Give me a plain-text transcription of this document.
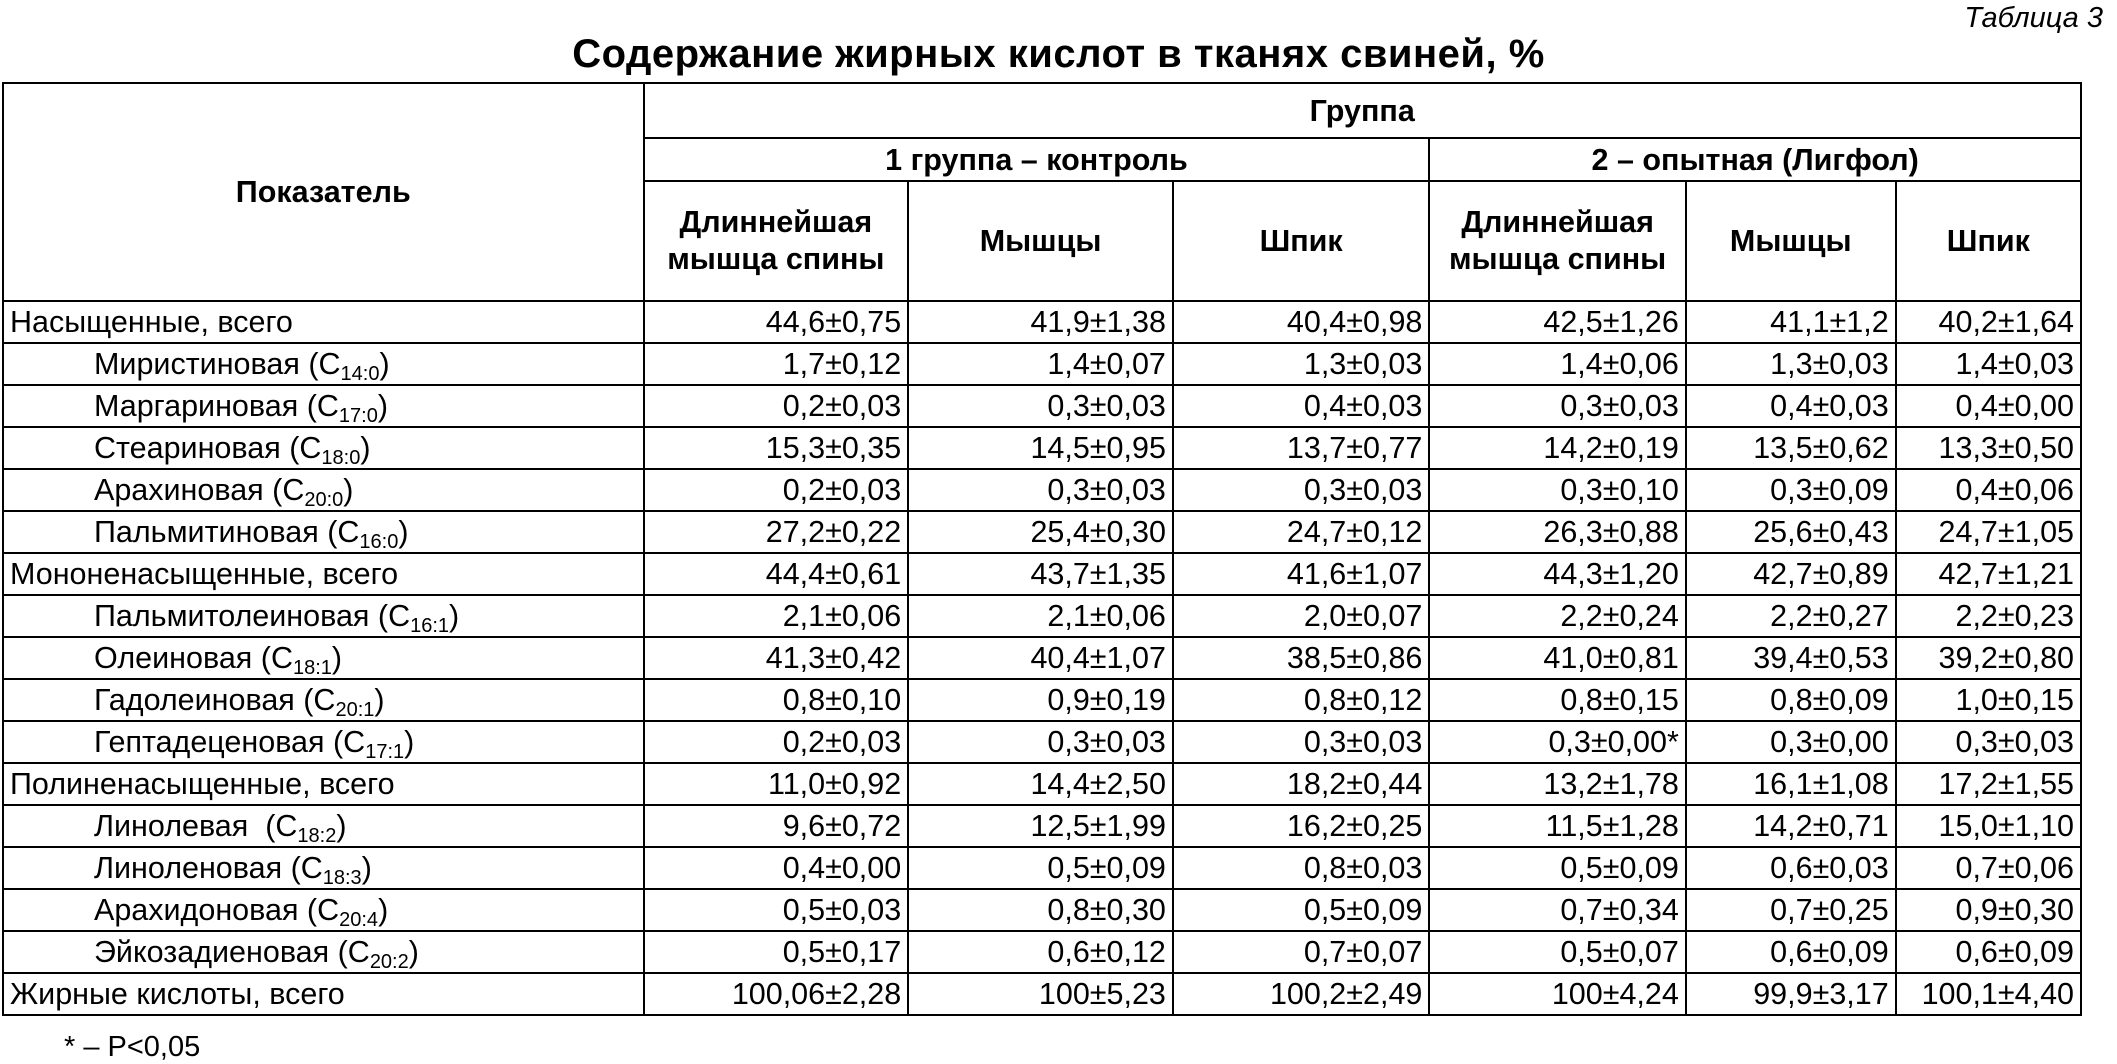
Таблица 3
Содержание жирных кислот в тканях свиней, %
Показатель	Группа					
	1 группа – контроль			2 – опытная (Лигфол)		
	Длиннейшая мышца спины	Мышцы	Шпик	Длиннейшая мышца спины	Мышцы	Шпик
Насыщенные, всего	44,6±0,75	41,9±1,38	40,4±0,98	42,5±1,26	41,1±1,2	40,2±1,64
Миристиновая $(С_{14:0})$	1,7±0,12	1,4±0,07	1,3±0,03	1,4±0,06	1,3±0,03	1,4±0,03
Маргариновая $(С_{17:0})$	0,2±0,03	0,3±0,03	0,4±0,03	0,3±0,03	0,4±0,03	0,4±0,00
Стеариновая $(С_{18:0})$	15,3±0,35	14,5±0,95	13,7±0,77	14,2±0,19	13,5±0,62	13,3±0,50
Арахиновая $(С_{20:0})$	0,2±0,03	0,3±0,03	0,3±0,03	0,3±0,10	0,3±0,09	0,4±0,06
Пальмитиновая $(С_{16:0})$	27,2±0,22	25,4±0,30	24,7±0,12	26,3±0,88	25,6±0,43	24,7±1,05
Мононенасыщенные, всего	44,4±0,61	43,7±1,35	41,6±1,07	44,3±1,20	42,7±0,89	42,7±1,21
Пальмитолеиновая $(С_{16:1})$	2,1±0,06	2,1±0,06	2,0±0,07	2,2±0,24	2,2±0,27	2,2±0,23
Олеиновая $(С_{18:1})$	41,3±0,42	40,4±1,07	38,5±0,86	41,0±0,81	39,4±0,53	39,2±0,80
Гадолеиновая $(С_{20:1})$	0,8±0,10	0,9±0,19	0,8±0,12	0,8±0,15	0,8±0,09	1,0±0,15
Гептадеценовая $(С_{17:1})$	0,2±0,03	0,3±0,03	0,3±0,03	0,3±0,00*	0,3±0,00	0,3±0,03
Полиненасыщенные, всего	11,0±0,92	14,4±2,50	18,2±0,44	13,2±1,78	16,1±1,08	17,2±1,55
Линолевая  $(С_{18:2})$	9,6±0,72	12,5±1,99	16,2±0,25	11,5±1,28	14,2±0,71	15,0±1,10
Линоленовая $(С_{18:3})$	0,4±0,00	0,5±0,09	0,8±0,03	0,5±0,09	0,6±0,03	0,7±0,06
Арахидоновая $(С_{20:4})$	0,5±0,03	0,8±0,30	0,5±0,09	0,7±0,34	0,7±0,25	0,9±0,30
Эйкозадиеновая $(С_{20:2})$	0,5±0,17	0,6±0,12	0,7±0,07	0,5±0,07	0,6±0,09	0,6±0,09
Жирные кислоты, всего	100,06±2,28	100±5,23	100,2±2,49	100±4,24	99,9±3,17	100,1±4,40
* – P<0,05
